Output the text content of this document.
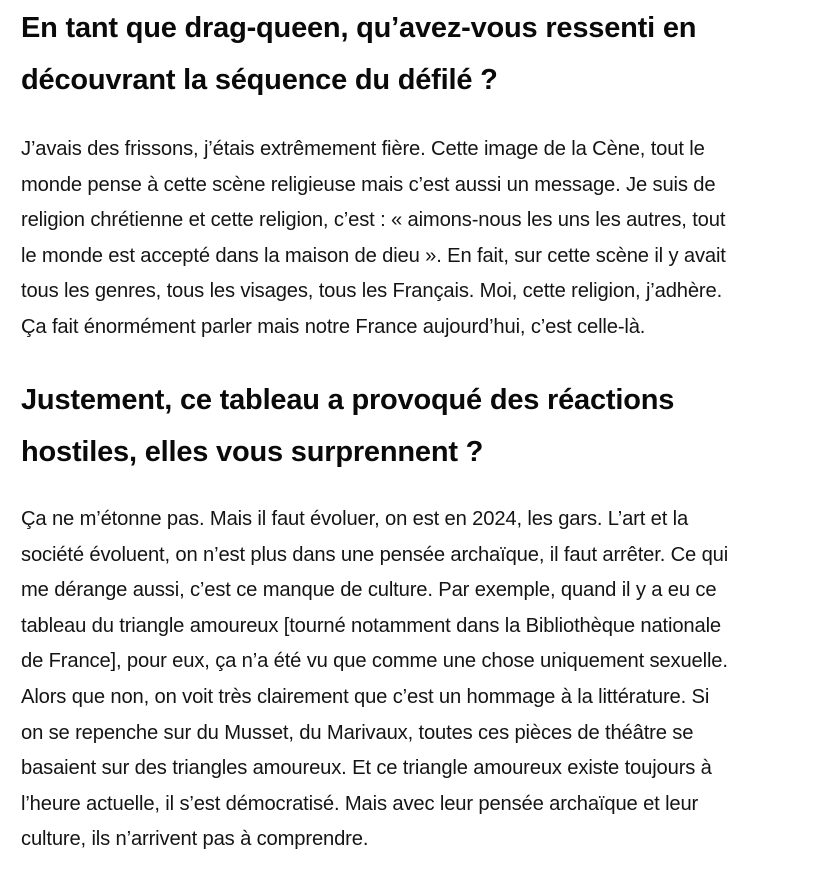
En tant que drag-queen, qu’avez-vous ressenti en
découvrant la séquence du défilé ?

J’avais des frissons, j’étais extrêmement fière. Cette image de la Cène, tout le
monde pense à cette scène religieuse mais c’est aussi un message. Je suis de
religion chrétienne et cette religion, c’est : « aimons-nous les uns les autres, tout
le monde est accepté dans la maison de dieu ». En fait, sur cette scène il y avait
tous les genres, tous les visages, tous les Français. Moi, cette religion, j’adhère.
Ça fait énormément parler mais notre France aujourd’hui, c’est celle-là.

Justement, ce tableau a provoqué des réactions
hostiles, elles vous surprennent ?

Ça ne m’étonne pas. Mais il faut évoluer, on est en 2024, les gars. L’art et la
société évoluent, on n’est plus dans une pensée archaïque, il faut arrêter. Ce qui
me dérange aussi, c’est ce manque de culture. Par exemple, quand il y a eu ce
tableau du triangle amoureux [tourné notamment dans la Bibliothèque nationale
de France], pour eux, ça n’a été vu que comme une chose uniquement sexuelle.
Alors que non, on voit très clairement que c’est un hommage à la littérature. Si
on se repenche sur du Musset, du Marivaux, toutes ces pièces de théâtre se
basaient sur des triangles amoureux. Et ce triangle amoureux existe toujours à
l’heure actuelle, il s’est démocratisé. Mais avec leur pensée archaïque et leur
culture, ils n’arrivent pas à comprendre.
